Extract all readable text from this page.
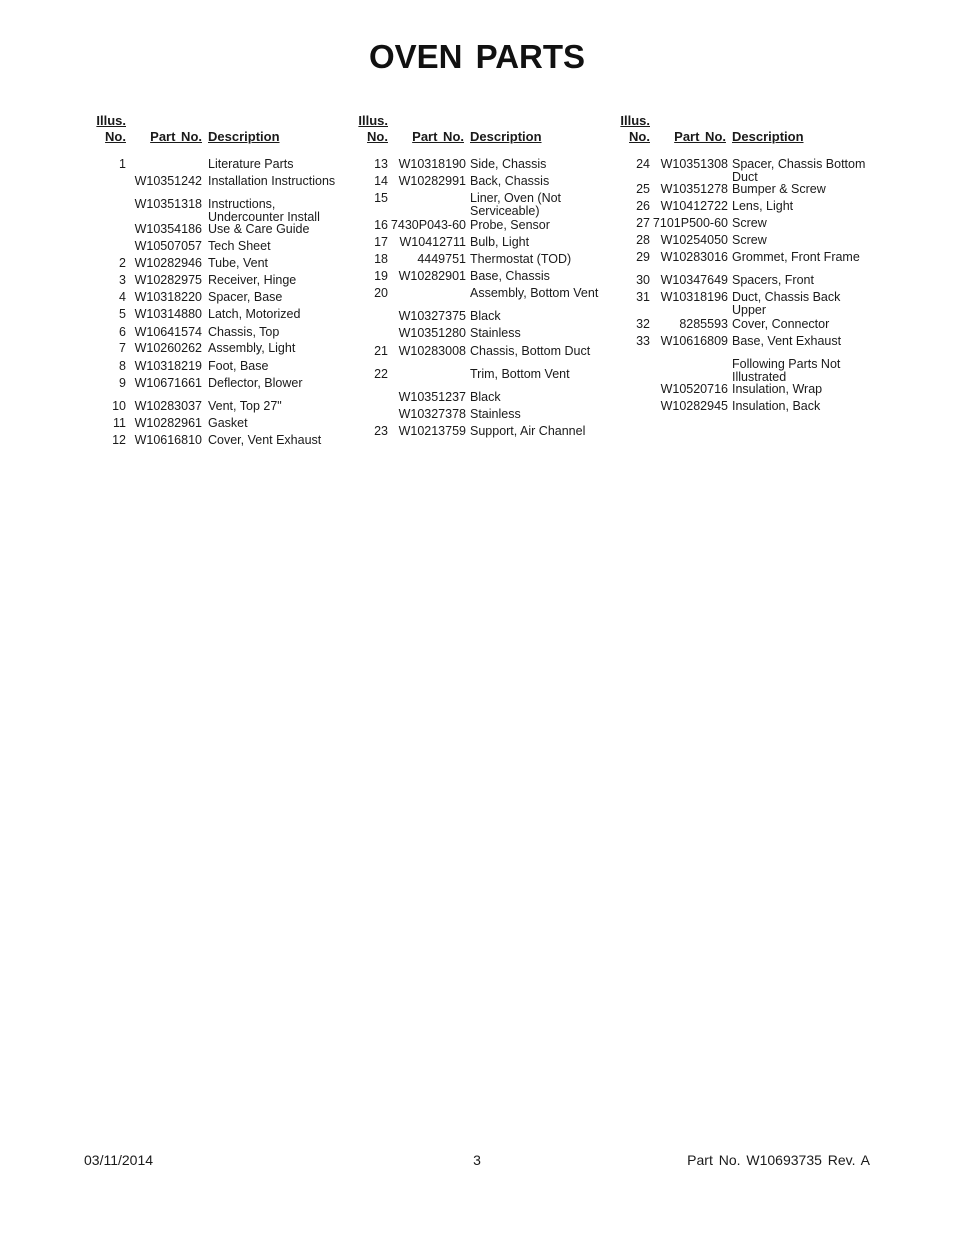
OVEN PARTS
Illus.
No.	Part No. Description
Illus.
No.	Part No. Description
Illus.
No.	Part No. Description
1	Literature Parts
W10351242 Installation Instructions
W10351318 Instructions, Undercounter Install
W10354186 Use & Care Guide
W10507057 Tech Sheet
2 W10282946 Tube, Vent
3 W10282975 Receiver, Hinge
4 W10318220 Spacer, Base
5 W10314880 Latch, Motorized
6 W10641574 Chassis, Top
7 W10260262 Assembly, Light
8 W10318219 Foot, Base
9 W10671661 Deflector, Blower
10 W10283037 Vent, Top 27"
11 W10282961 Gasket
12 W10616810 Cover, Vent Exhaust
13 W10318190 Side, Chassis
14 W10282991 Back, Chassis
15	Liner, Oven (Not Serviceable)
16 7430P043-60 Probe, Sensor
17 W10412711 Bulb, Light
18	4449751 Thermostat (TOD)
19 W10282901 Base, Chassis
20	Assembly, Bottom Vent
W10327375 Black
W10351280 Stainless
21 W10283008 Chassis, Bottom Duct
22	Trim, Bottom Vent
W10351237 Black
W10327378 Stainless
23 W10213759 Support, Air Channel
24 W10351308 Spacer, Chassis Bottom Duct
25 W10351278 Bumper & Screw
26 W10412722 Lens, Light
27 7101P500-60 Screw
28 W10254050 Screw
29 W10283016 Grommet, Front Frame
30 W10347649 Spacers, Front
31 W10318196 Duct, Chassis Back Upper
32	8285593 Cover, Connector
33 W10616809 Base, Vent Exhaust
Following Parts Not Illustrated
W10520716 Insulation, Wrap
W10282945 Insulation, Back
03/11/2014	3	Part No. W10693735 Rev. A
